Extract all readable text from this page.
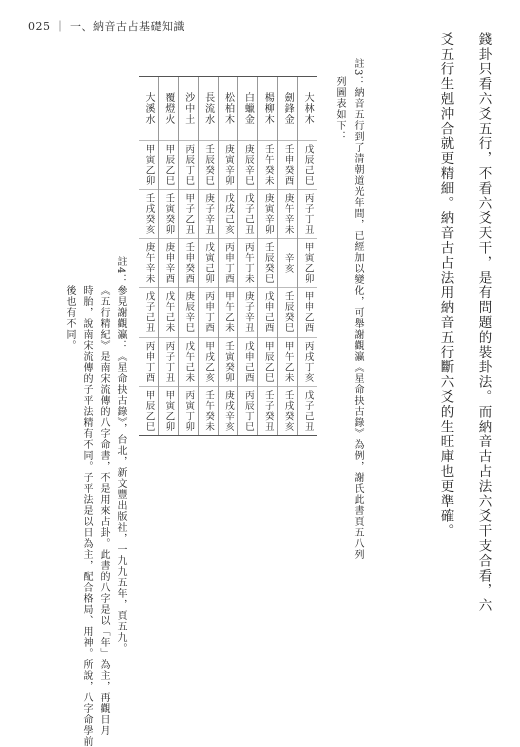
025 ｜ 一、納音古占基礎知識
錢卦只看六爻五行，不看六爻天干，是有問題的裝卦法。而納音古占法六爻干支合看，六
爻五行生剋沖合就更精細。納音古占法用納音五行斷六爻的生旺庫也更準確。
註3：納音五行到了清朝道光年間，已經加以變化，可舉謝觀瀛《星命抉古錄》為例，謝氏此書頁五八列
列圖表如下：
大林木
戊辰己巳
丙子丁丑
甲寅乙卯
甲申乙酉
丙戌丁亥
戊子己丑
劍鋒金
壬申癸酉
庚午辛未
辛亥
壬辰癸巳
甲午乙未
壬戌癸亥
楊柳木
壬午癸未
庚寅辛卯
壬辰癸巳
戊申己酉
甲辰乙巳
壬子癸丑
白蠟金
庚辰辛巳
戊子己丑
丙午丁未
庚子辛丑
戊申己酉
丙辰丁巳
松柏木
庚寅辛卯
戊戌己亥
丙申丁酉
甲午乙未
壬寅癸卯
庚戌辛亥
長流水
壬辰癸巳
庚子辛丑
戊寅己卯
丙申丁酉
甲戌乙亥
壬午癸未
沙中土
丙辰丁巳
甲子乙丑
壬申癸酉
庚辰辛巳
戊午己未
丙寅丁卯
覆燈火
甲辰乙巳
壬寅癸卯
庚申辛酉
戊午己未
丙子丁丑
甲寅乙卯
大溪水
甲寅乙卯
壬戌癸亥
庚午辛未
戊子己丑
丙申丁酉
甲辰乙巳
註4：參見謝觀瀛：《星命抉古錄》，台北，新文豐出版社，一九九五年，頁五九。
《五行精紀》是南宋流傳的八字命書，不是用來占卦。此書的八字是以「年」為主，再觀日月
時胎，說南宋流傳的子平法精有不同。子平法是以日為主，配合格局、用神。所說，八字命學前
後也有不同。
